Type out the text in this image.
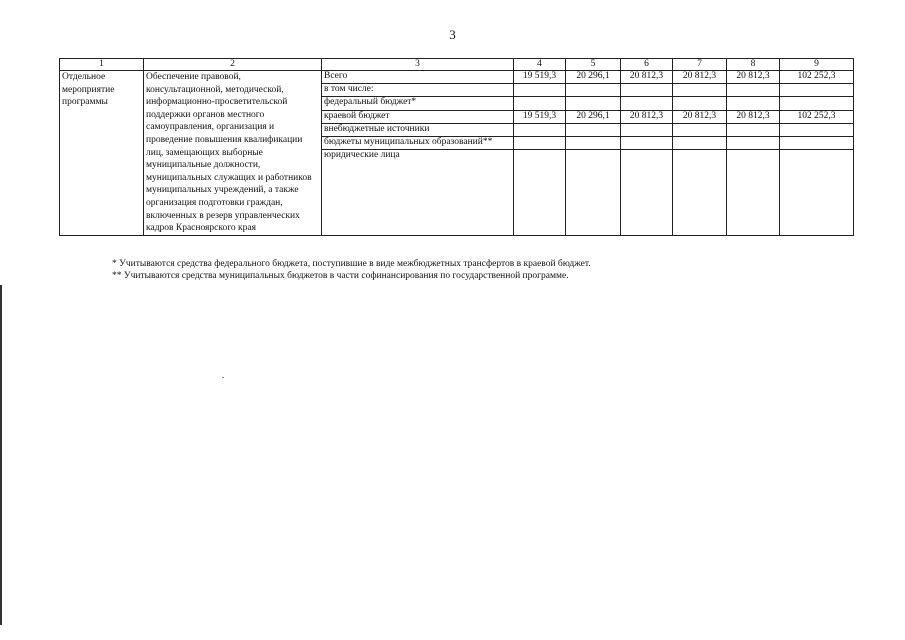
3
1	2	3	4	5	6	7	8	9
Отдельное мероприятие программы	Обеспечение правовой, консультационной, методической, информационно-просветительской поддержки органов местного самоуправления, организация и проведение повышения квалификации лиц, замещающих выборные муниципальные должности, муниципальных служащих и работников муниципальных учреждений, а также организация подготовки граждан, включенных в резерв управленческих кадров Красноярского края	Всего	19 519,3	20 296,1	20 812,3	20 812,3	20 812,3	102 252,3
		в том числе:						
		федеральный бюджет*						
		краевой бюджет	19 519,3	20 296,1	20 812,3	20 812,3	20 812,3	102 252,3
		внебюджетные источники						
		бюджеты муниципальных образований**						
		юридические лица						
* Учитываются средства федерального бюджета, поступившие в виде межбюджетных трансфертов в краевой бюджет.
** Учитываются средства муниципальных бюджетов в части софинансирования по государственной программе.
